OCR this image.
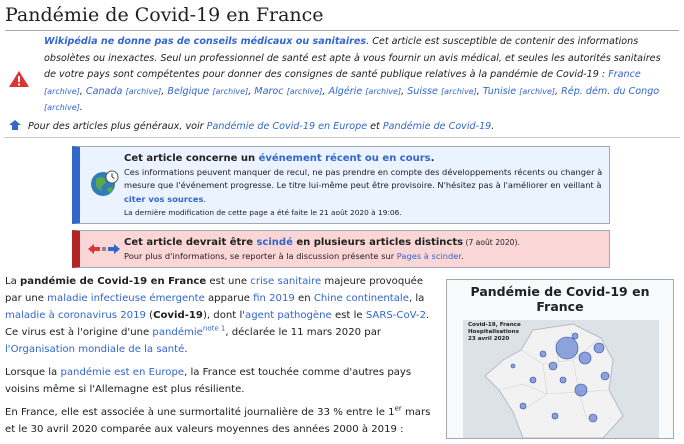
Pandémie de Covid-19 en France
Wikipédia ne donne pas de conseils médicaux ou sanitaires. Cet article est susceptible de contenir des informations obsolètes ou inexactes. Seul un professionnel de santé est apte à vous fournir un avis médical, et seules les autorités sanitaires de votre pays sont compétentes pour donner des consignes de santé publique relatives à la pandémie de Covid-19 : France [archive], Canada [archive], Belgique [archive], Maroc [archive], Algérie [archive], Suisse [archive], Tunisie [archive], Rép. dém. du Congo [archive].
Pour des articles plus généraux, voir Pandémie de Covid-19 en Europe et Pandémie de Covid-19.
Cet article concerne un événement récent ou en cours.
Ces informations peuvent manquer de recul, ne pas prendre en compte des développements récents ou changer à mesure que l'événement progresse. Le titre lui-même peut être provisoire. N'hésitez pas à l'améliorer en veillant à citer vos sources.
La dernière modification de cette page a été faite le 21 août 2020 à 19:06.
Cet article devrait être scindé en plusieurs articles distincts (7 août 2020).
Pour plus d'informations, se reporter à la discussion présente sur Pages à scinder.

La pandémie de Covid-19 en France est une crise sanitaire majeure provoquée par une maladie infectieuse émergente apparue fin 2019 en Chine continentale, la maladie à coronavirus 2019 (Covid-19), dont l'agent pathogène est le SARS-CoV-2. Ce virus est à l'origine d'une pandémie$^{note 1}$, déclarée le 11 mars 2020 par l'Organisation mondiale de la santé.

Lorsque la pandémie est en Europe, la France est touchée comme d'autres pays voisins même si l'Allemagne est plus résiliente.

En France, elle est associée à une surmortalité journalière de 33 % entre le 1er mars et le 30 avril 2020 comparée aux valeurs moyennes des années 2000 à 2019 :

Pandémie de Covid-19 en France
Covid-19, France
Hospitalisations
23 avril 2020
